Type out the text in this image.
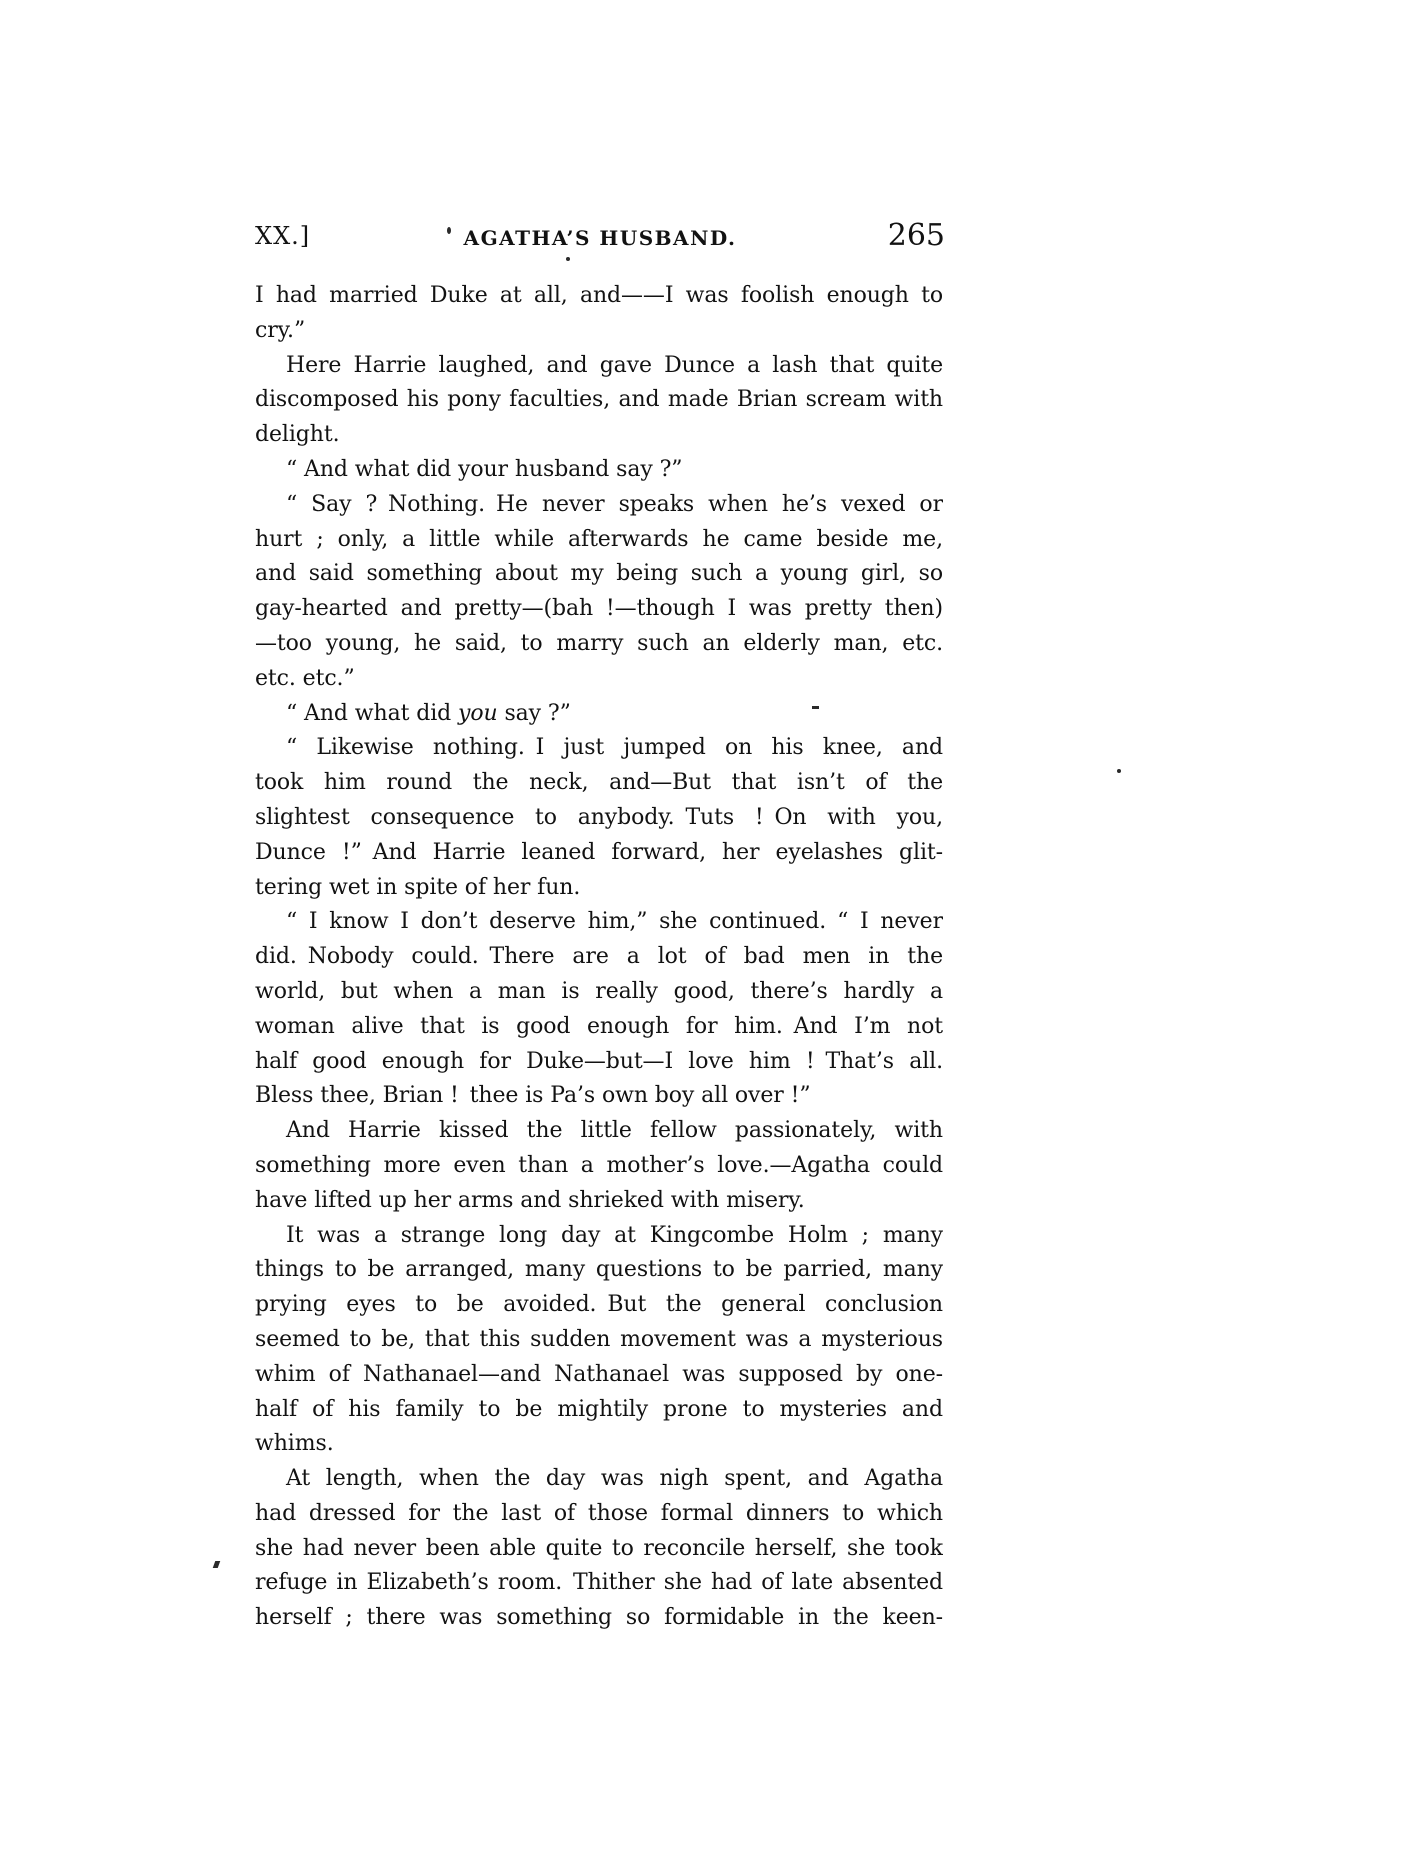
XX.]	AGATHA’S HUSBAND.	265
I had married Duke at all, and——I was foolish enough to
cry.”
Here Harrie laughed, and gave Dunce a lash that quite
discomposed his pony faculties, and made Brian scream with
delight.
“ And what did your husband say ?”
“ Say ? Nothing. He never speaks when he’s vexed or
hurt ; only, a little while afterwards he came beside me,
and said something about my being such a young girl, so
gay-hearted and pretty—(bah !—though I was pretty then)
—too young, he said, to marry such an elderly man, etc.
etc. etc.”
“ And what did you say ?”
“ Likewise nothing. I just jumped on his knee, and
took him round the neck, and—But that isn’t of the
slightest consequence to anybody. Tuts ! On with you,
Dunce !” And Harrie leaned forward, her eyelashes glit-
tering wet in spite of her fun.
“ I know I don’t deserve him,” she continued. “ I never
did. Nobody could. There are a lot of bad men in the
world, but when a man is really good, there’s hardly a
woman alive that is good enough for him. And I’m not
half good enough for Duke—but—I love him ! That’s all.
Bless thee, Brian ! thee is Pa’s own boy all over !”
And Harrie kissed the little fellow passionately, with
something more even than a mother’s love.—Agatha could
have lifted up her arms and shrieked with misery.
It was a strange long day at Kingcombe Holm ; many
things to be arranged, many questions to be parried, many
prying eyes to be avoided. But the general conclusion
seemed to be, that this sudden movement was a mysterious
whim of Nathanael—and Nathanael was supposed by one-
half of his family to be mightily prone to mysteries and
whims.
At length, when the day was nigh spent, and Agatha
had dressed for the last of those formal dinners to which
she had never been able quite to reconcile herself, she took
refuge in Elizabeth’s room. Thither she had of late absented
herself ; there was something so formidable in the keen-
